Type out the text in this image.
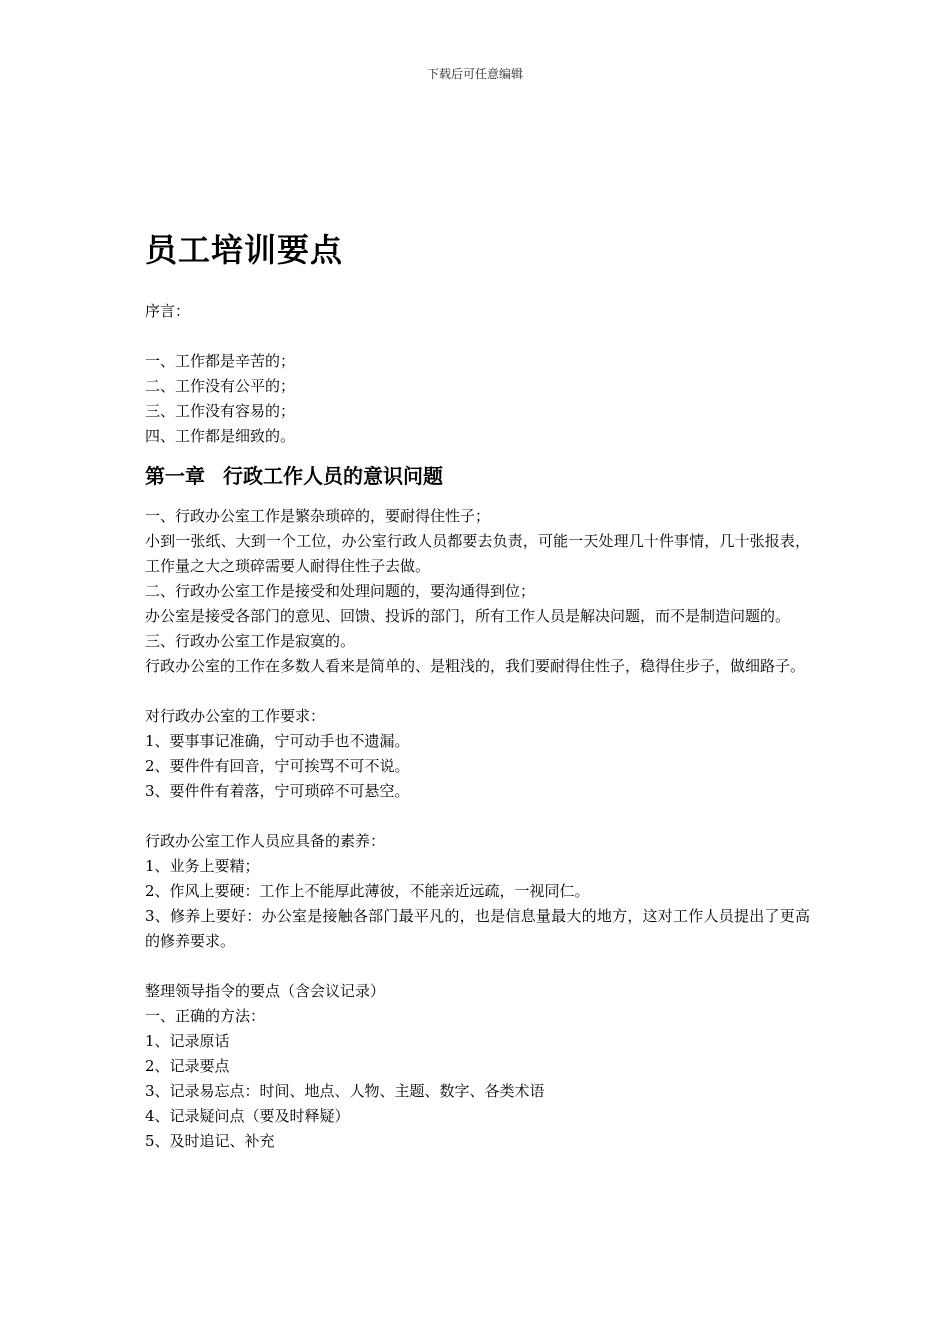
下载后可任意编辑
员工培训要点

序言：

一、工作都是辛苦的；

二、工作没有公平的；

三、工作没有容易的；

四、工作都是细致的。

第一章 行政工作人员的意识问题

一、行政办公室工作是繁杂琐碎的，要耐得住性子；

小到一张纸、大到一个工位，办公室行政人员都要去负责，可能一天处理几十件事情，几十张报表，工作量之大之琐碎需要人耐得住性子去做。

二、行政办公室工作是接受和处理问题的，要沟通得到位；

办公室是接受各部门的意见、回馈、投诉的部门，所有工作人员是解决问题，而不是制造问题的。

三、行政办公室工作是寂寞的。

行政办公室的工作在多数人看来是简单的、是粗浅的，我们要耐得住性子，稳得住步子，做细路子。

对行政办公室的工作要求：

1、要事事记准确，宁可动手也不遗漏。

2、要件件有回音，宁可挨骂不可不说。

3、要件件有着落，宁可琐碎不可悬空。

行政办公室工作人员应具备的素养：

1、业务上要精；

2、作风上要硬：工作上不能厚此薄彼，不能亲近远疏，一视同仁。

3、修养上要好：办公室是接触各部门最平凡的，也是信息量最大的地方，这对工作人员提出了更高的修养要求。

整理领导指令的要点（含会议记录）

一、正确的方法：

1、记录原话

2、记录要点

3、记录易忘点：时间、地点、人物、主题、数字、各类术语

4、记录疑问点（要及时释疑）

5、及时追记、补充
